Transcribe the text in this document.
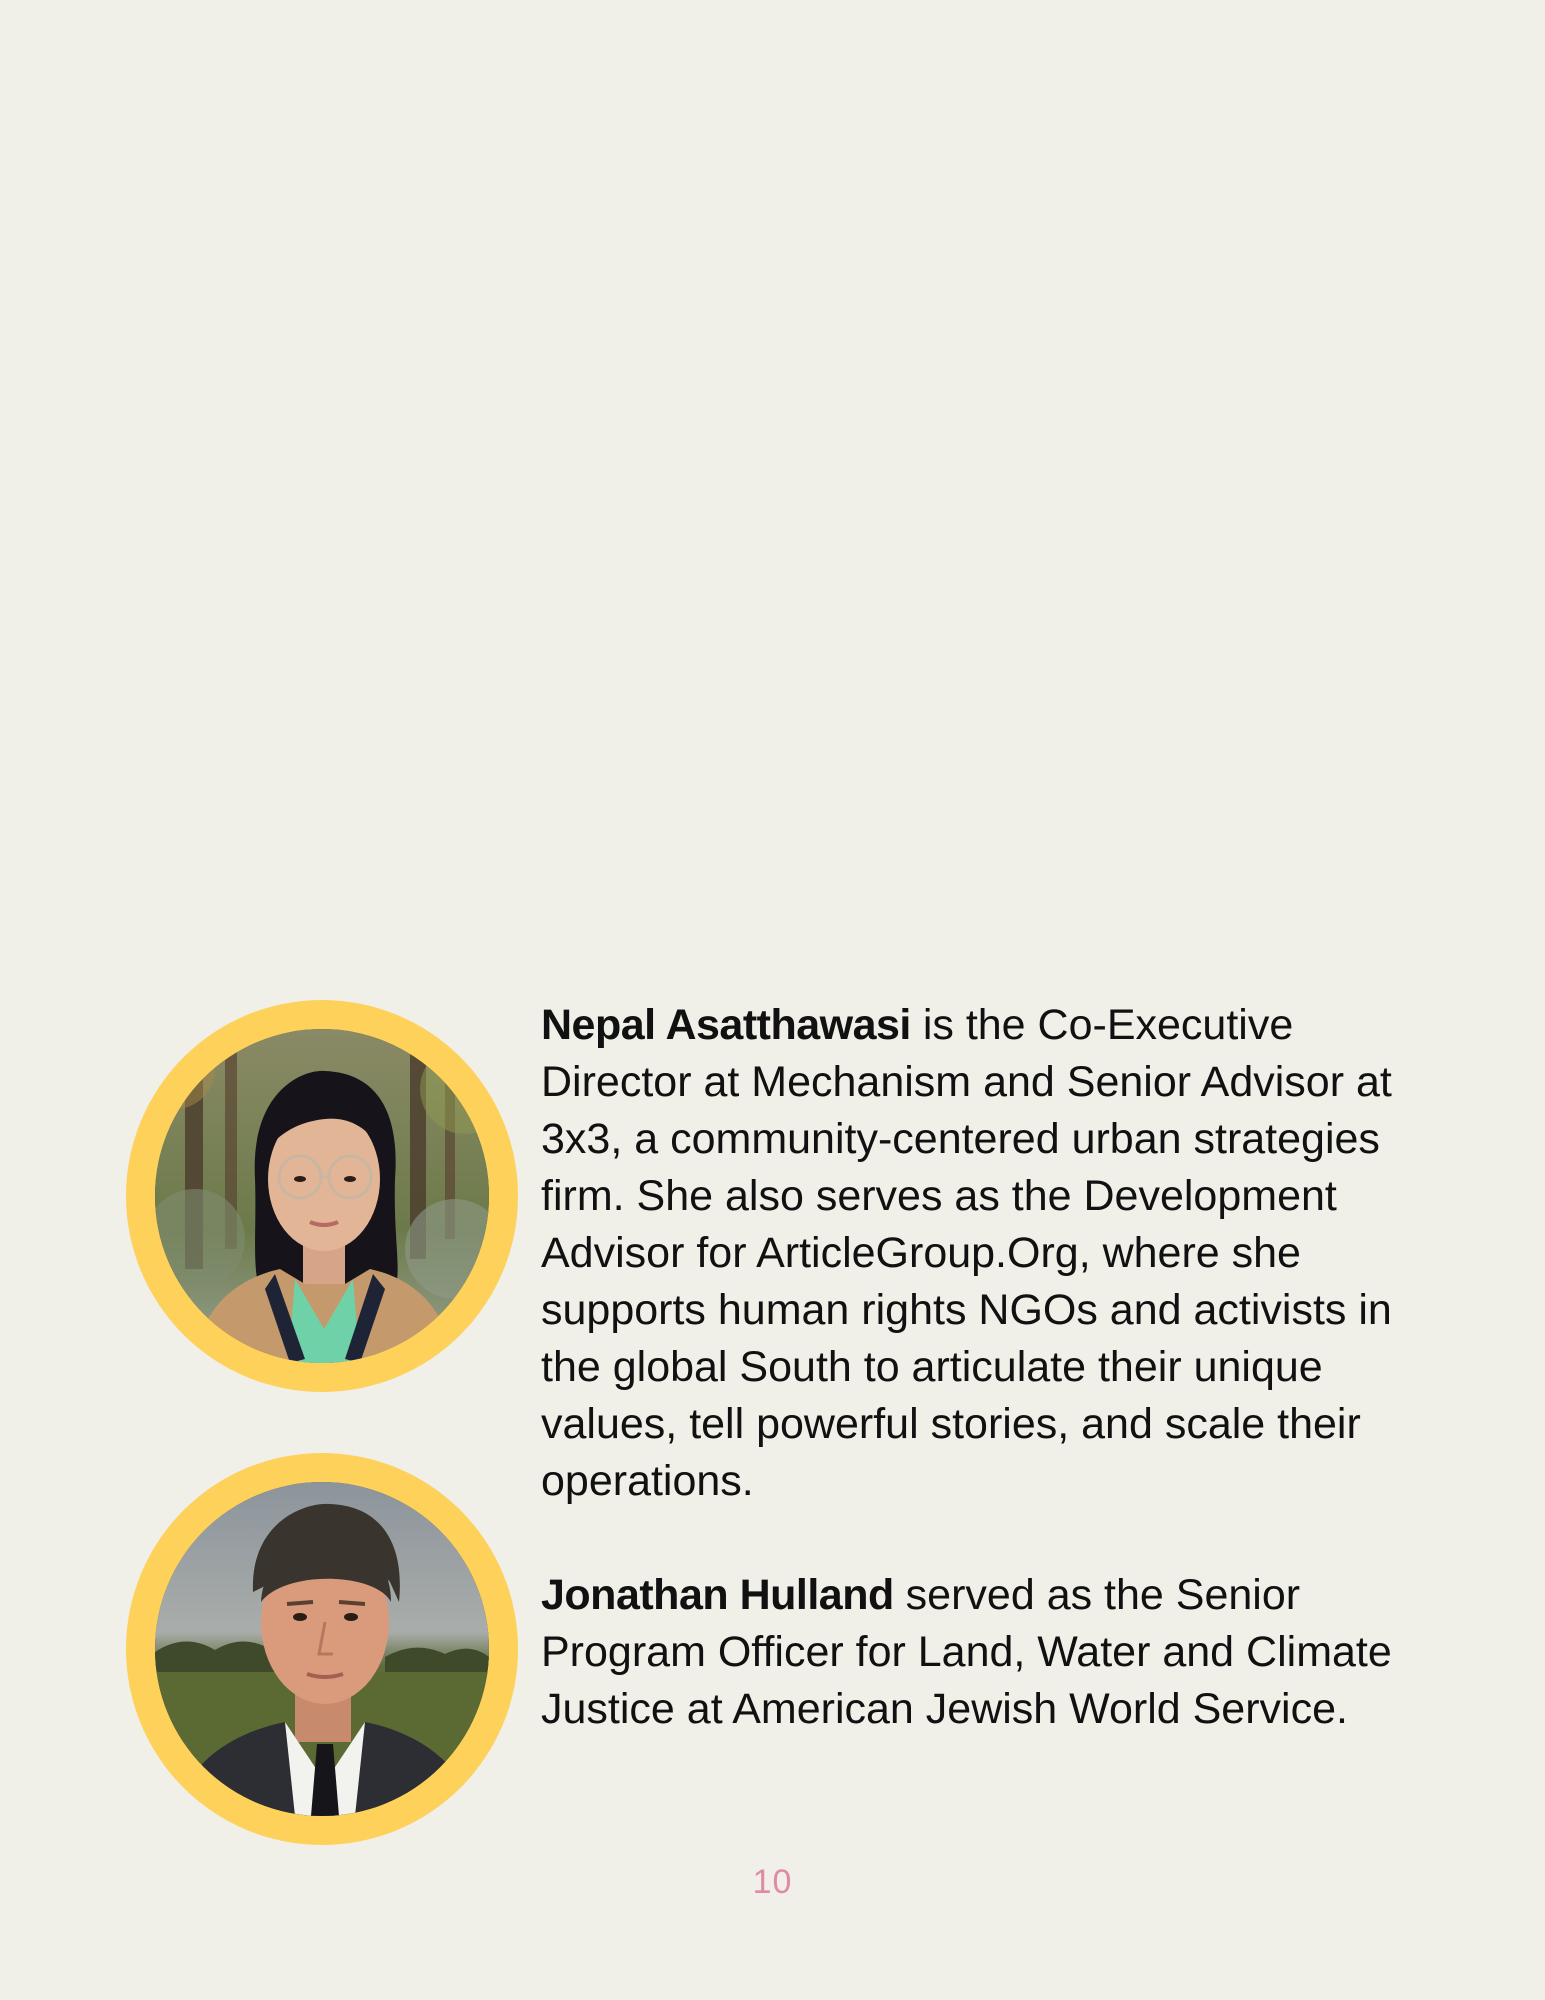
Nepal Asatthawasi is the Co-Executive Director at Mechanism and Senior Advisor at 3x3, a community-centered urban strategies firm. She also serves as the Development Advisor for ArticleGroup.Org, where she supports human rights NGOs and activists in the global South to articulate their unique values, tell powerful stories, and scale their operations.

Jonathan Hulland served as the Senior Program Officer for Land, Water and Climate Justice at American Jewish World Service.

10
